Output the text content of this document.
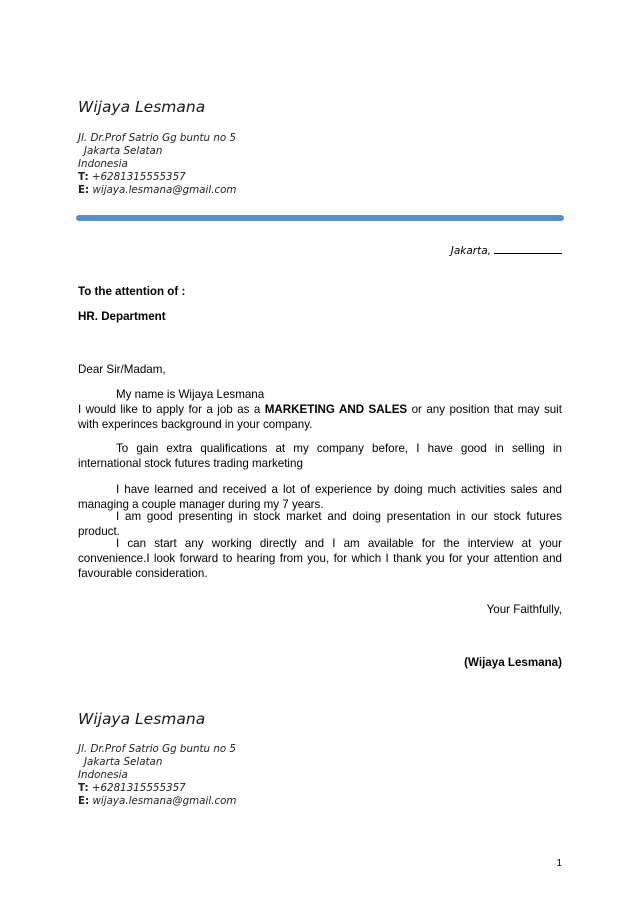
Wijaya Lesmana
Jl. Dr.Prof Satrio Gg buntu no 5
Jakarta Selatan
Indonesia
T: +6281315555357
E: wijaya.lesmana@gmail.com
Jakarta,
To the attention of :
HR. Department
Dear Sir/Madam,
My name is Wijaya Lesmana
I would like to apply for a job as a MARKETING AND SALES or any position that may suit with experinces background in your company.
To gain extra qualifications at my company before, I have good in selling in international stock futures trading marketing
I have learned and received a lot of experience by doing much activities sales and managing a couple manager during my 7 years.
I am good presenting in stock market and doing presentation in our stock futures product.
I can start any working directly and I am available for the interview at your convenience.I look forward to hearing from you, for which I thank you for your attention and favourable consideration.
Your Faithfully,
(Wijaya Lesmana)
Wijaya Lesmana
Jl. Dr.Prof Satrio Gg buntu no 5
Jakarta Selatan
Indonesia
T: +6281315555357
E: wijaya.lesmana@gmail.com
1
